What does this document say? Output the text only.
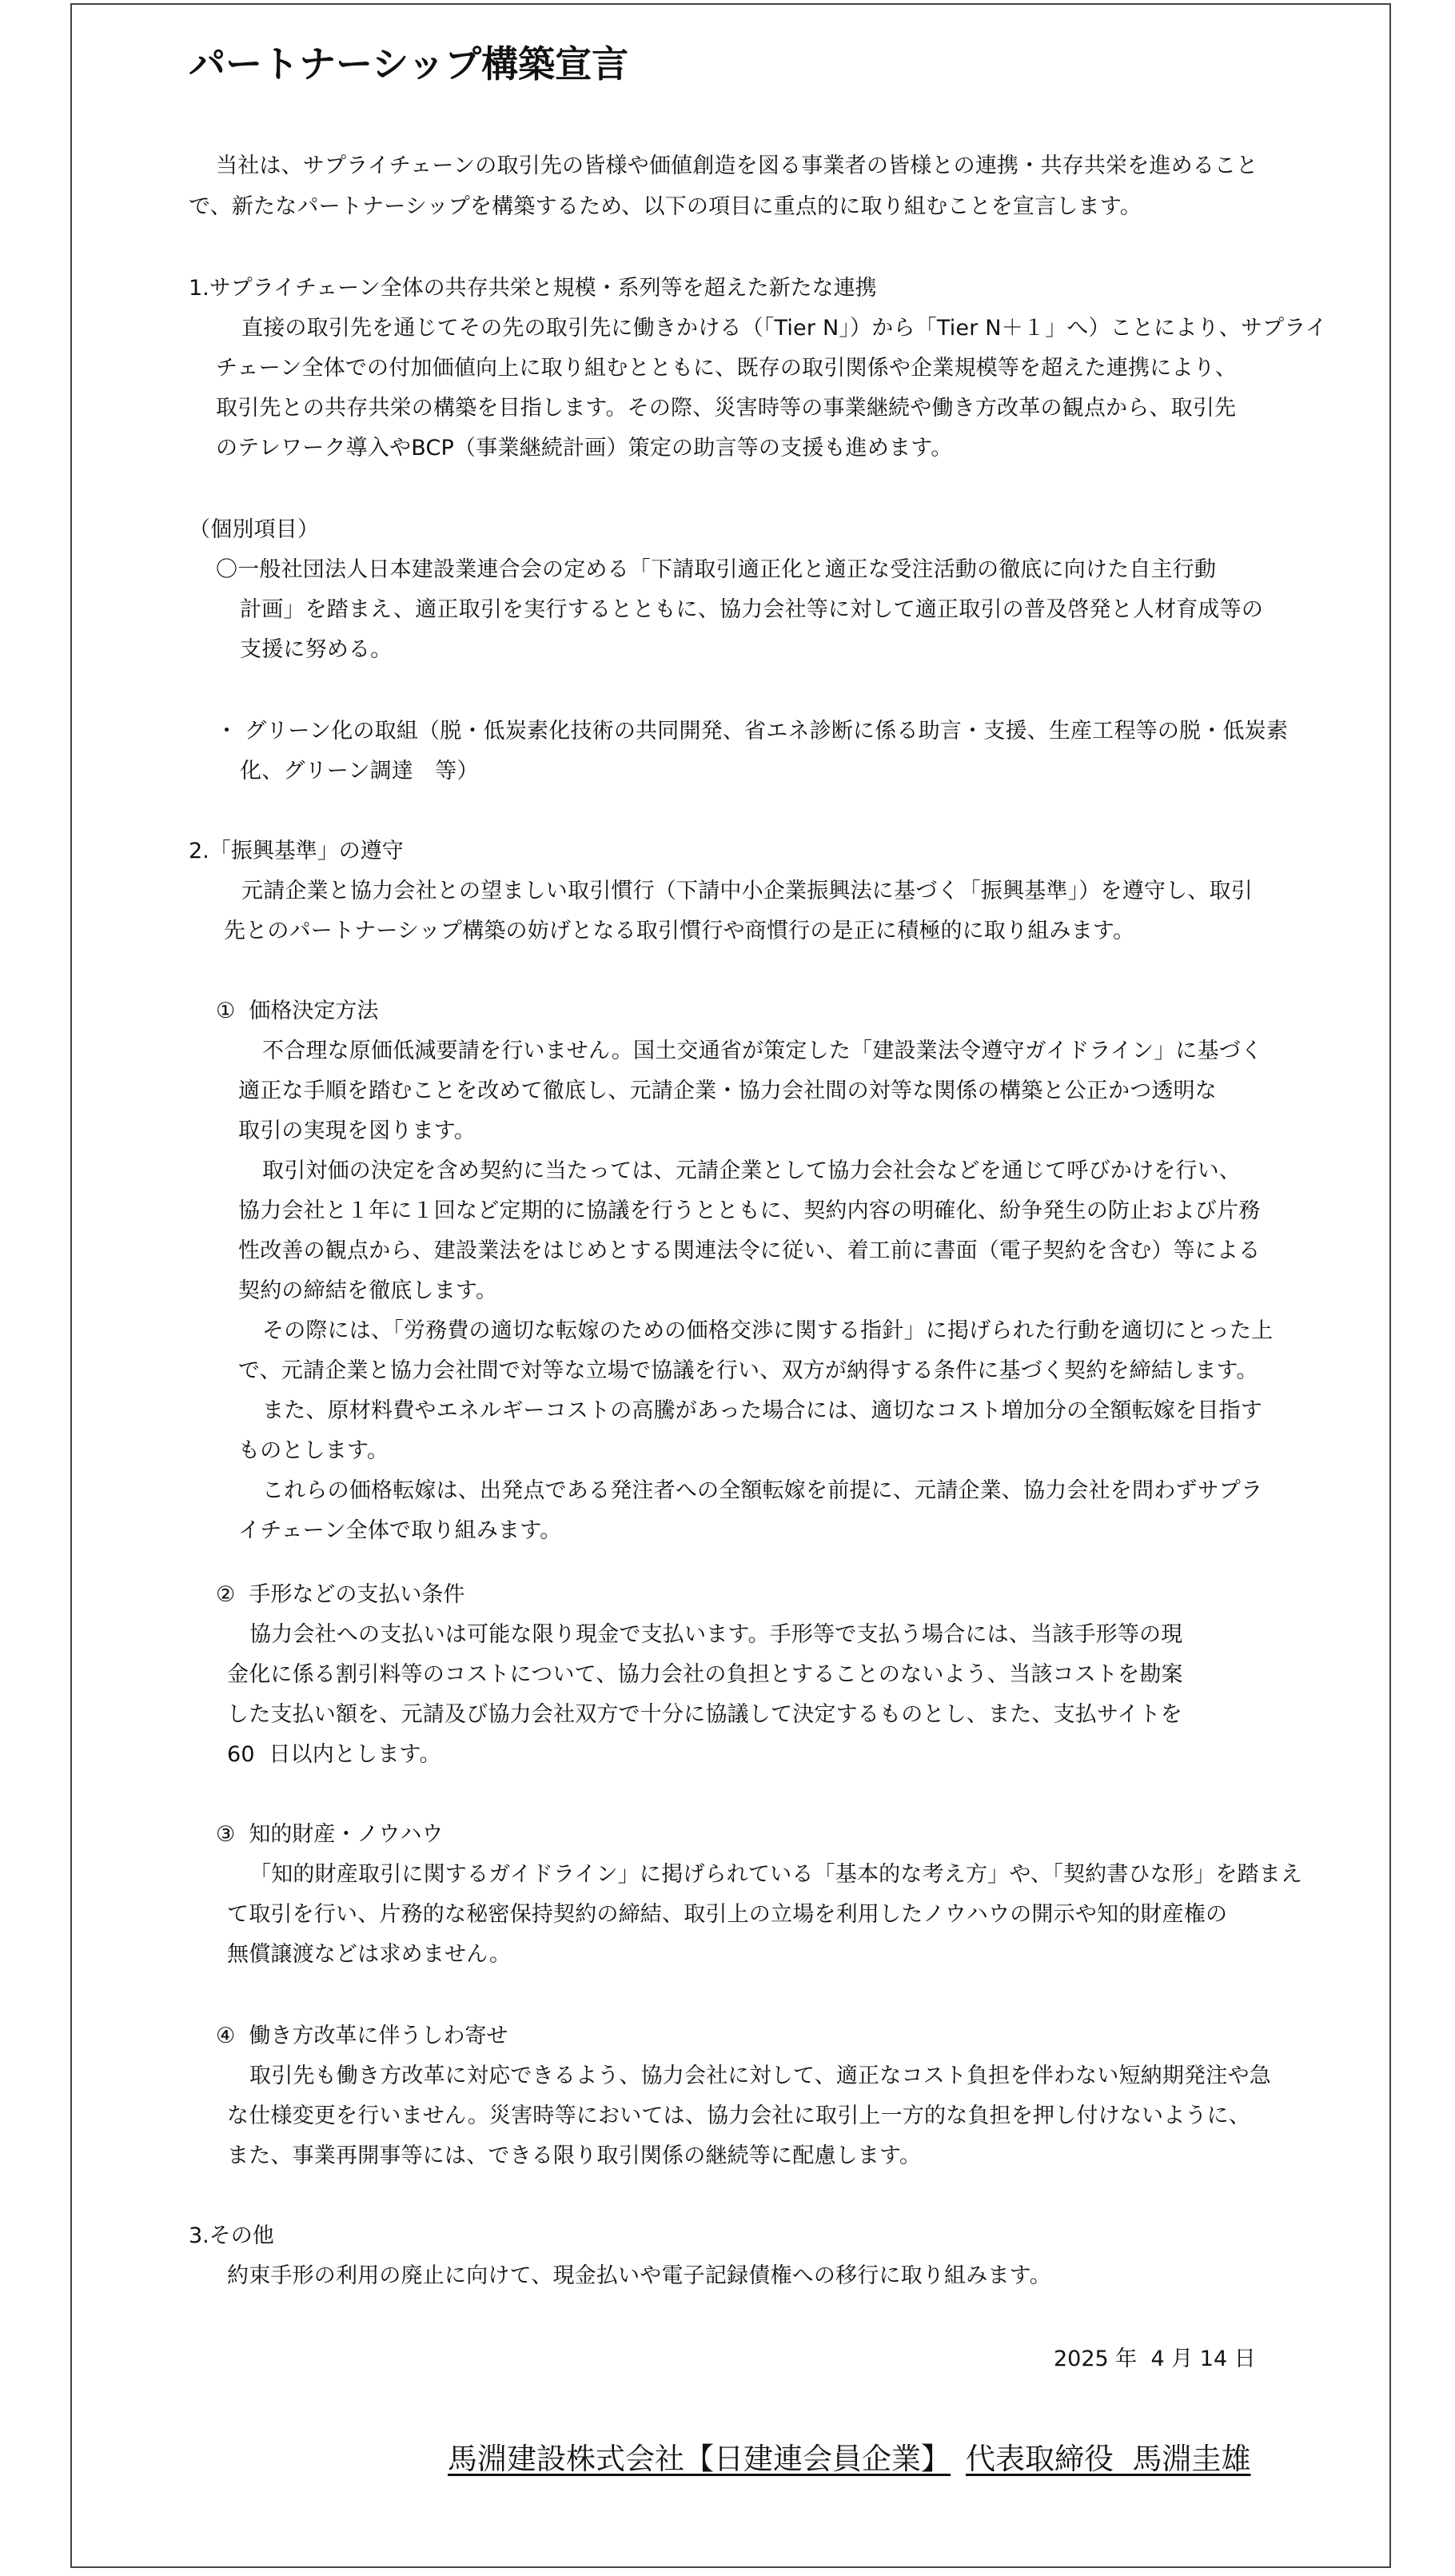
パートナーシップ構築宣言

当社は、サプライチェーンの取引先の皆様や価値創造を図る事業者の皆様との連携・共存共栄を進めること

で、新たなパートナーシップを構築するため、以下の項目に重点的に取り組むことを宣言します。

1.サプライチェーン全体の共存共栄と規模・系列等を超えた新たな連携

直接の取引先を通じてその先の取引先に働きかける（「Tier N」）から「Tier N＋１」へ）ことにより、サプライ

チェーン全体での付加価値向上に取り組むとともに、既存の取引関係や企業規模等を超えた連携により、

取引先との共存共栄の構築を目指します。その際、災害時等の事業継続や働き方改革の観点から、取引先

のテレワーク導入やBCP（事業継続計画）策定の助言等の支援も進めます。

（個別項目）

〇一般社団法人日本建設業連合会の定める「下請取引適正化と適正な受注活動の徹底に向けた自主行動

計画」を踏まえ、適正取引を実行するとともに、協力会社等に対して適正取引の普及啓発と人材育成等の

支援に努める。

・ グリーン化の取組（脱・低炭素化技術の共同開発、省エネ診断に係る助言・支援、生産工程等の脱・低炭素

化、グリーン調達　等）

2.「振興基準」の遵守

元請企業と協力会社との望ましい取引慣行（下請中小企業振興法に基づく「振興基準」）を遵守し、取引

先とのパートナーシップ構築の妨げとなる取引慣行や商慣行の是正に積極的に取り組みます。

①  価格決定方法

不合理な原価低減要請を行いません。国土交通省が策定した「建設業法令遵守ガイドライン」に基づく

適正な手順を踏むことを改めて徹底し、元請企業・協力会社間の対等な関係の構築と公正かつ透明な

取引の実現を図ります。

取引対価の決定を含め契約に当たっては、元請企業として協力会社会などを通じて呼びかけを行い、

協力会社と１年に１回など定期的に協議を行うとともに、契約内容の明確化、紛争発生の防止および片務

性改善の観点から、建設業法をはじめとする関連法令に従い、着工前に書面（電子契約を含む）等による

契約の締結を徹底します。

その際には、「労務費の適切な転嫁のための価格交渉に関する指針」に掲げられた行動を適切にとった上

で、元請企業と協力会社間で対等な立場で協議を行い、双方が納得する条件に基づく契約を締結します。

また、原材料費やエネルギーコストの高騰があった場合には、適切なコスト増加分の全額転嫁を目指す

ものとします。

これらの価格転嫁は、出発点である発注者への全額転嫁を前提に、元請企業、協力会社を問わずサプラ

イチェーン全体で取り組みます。

②  手形などの支払い条件

協力会社への支払いは可能な限り現金で支払います。手形等で支払う場合には、当該手形等の現

金化に係る割引料等のコストについて、協力会社の負担とすることのないよう、当該コストを勘案

した支払い額を、元請及び協力会社双方で十分に協議して決定するものとし、また、支払サイトを

60  日以内とします。

③  知的財産・ノウハウ

「知的財産取引に関するガイドライン」に掲げられている「基本的な考え方」や、「契約書ひな形」を踏まえ

て取引を行い、片務的な秘密保持契約の締結、取引上の立場を利用したノウハウの開示や知的財産権の

無償譲渡などは求めません。

④  働き方改革に伴うしわ寄せ

取引先も働き方改革に対応できるよう、協力会社に対して、適正なコスト負担を伴わない短納期発注や急

な仕様変更を行いません。災害時等においては、協力会社に取引上一方的な負担を押し付けないように、

また、事業再開事等には、できる限り取引関係の継続等に配慮します。

3.その他

約束手形の利用の廃止に向けて、現金払いや電子記録債権への移行に取り組みます。

2025 年  4 月 14 日

馬淵建設株式会社【日建連会員企業】 代表取締役  馬淵圭雄
